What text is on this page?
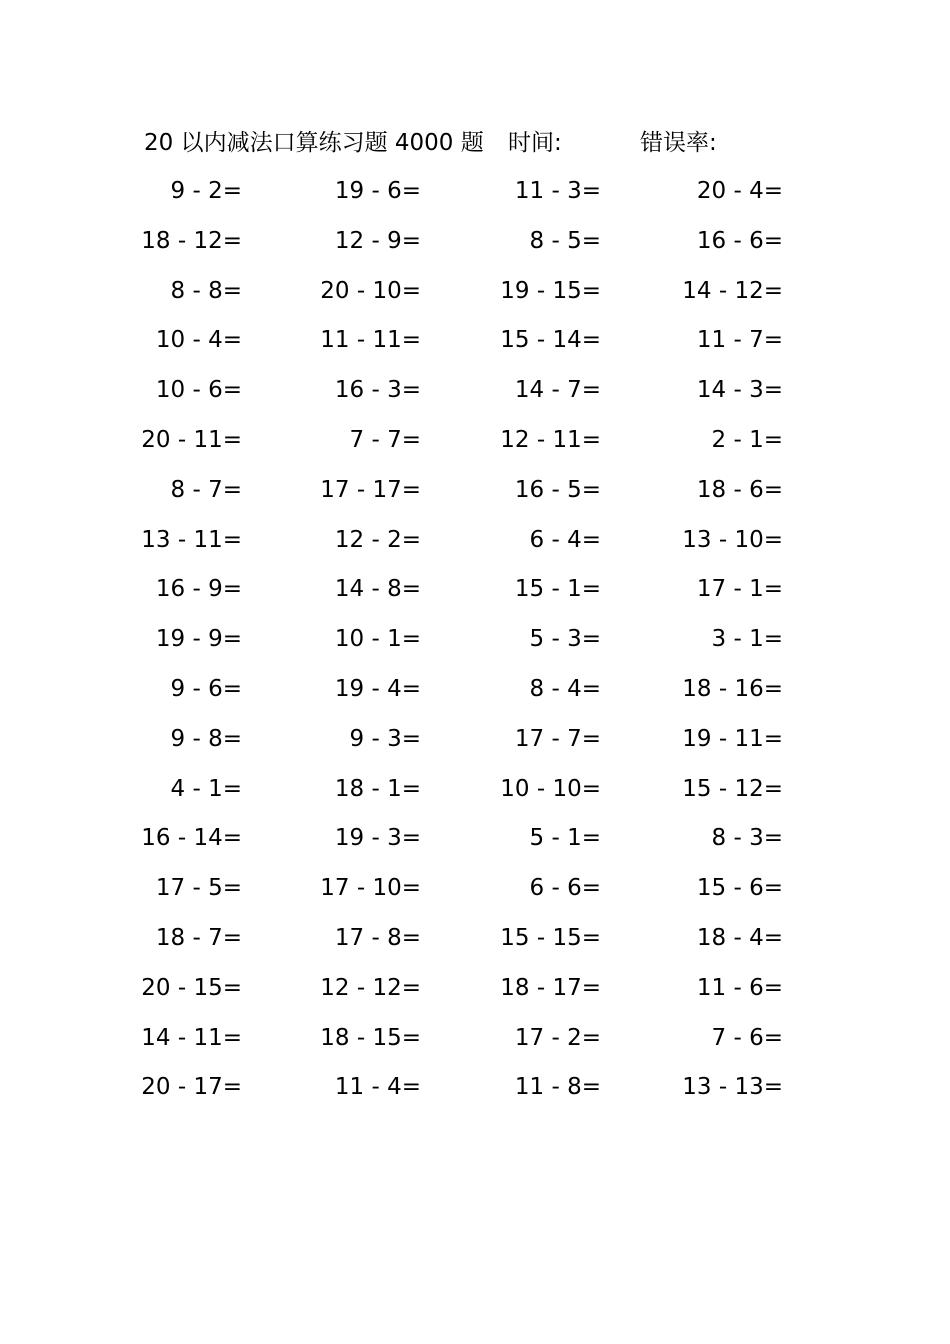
20 以内减法口算练习题 4000 题 时间:	错误率:
9 - 2=	19 - 6=	11 - 3=	20 - 4=
18 - 12=	12 - 9=	8 - 5=	16 - 6=
8 - 8=	20 - 10=	19 - 15=	14 - 12=
10 - 4=	11 - 11=	15 - 14=	11 - 7=
10 - 6=	16 - 3=	14 - 7=	14 - 3=
20 - 11=	7 - 7=	12 - 11=	2 - 1=
8 - 7=	17 - 17=	16 - 5=	18 - 6=
13 - 11=	12 - 2=	6 - 4=	13 - 10=
16 - 9=	14 - 8=	15 - 1=	17 - 1=
19 - 9=	10 - 1=	5 - 3=	3 - 1=
9 - 6=	19 - 4=	8 - 4=	18 - 16=
9 - 8=	9 - 3=	17 - 7=	19 - 11=
4 - 1=	18 - 1=	10 - 10=	15 - 12=
16 - 14=	19 - 3=	5 - 1=	8 - 3=
17 - 5=	17 - 10=	6 - 6=	15 - 6=
18 - 7=	17 - 8=	15 - 15=	18 - 4=
20 - 15=	12 - 12=	18 - 17=	11 - 6=
14 - 11=	18 - 15=	17 - 2=	7 - 6=
20 - 17=	11 - 4=	11 - 8=	13 - 13=
